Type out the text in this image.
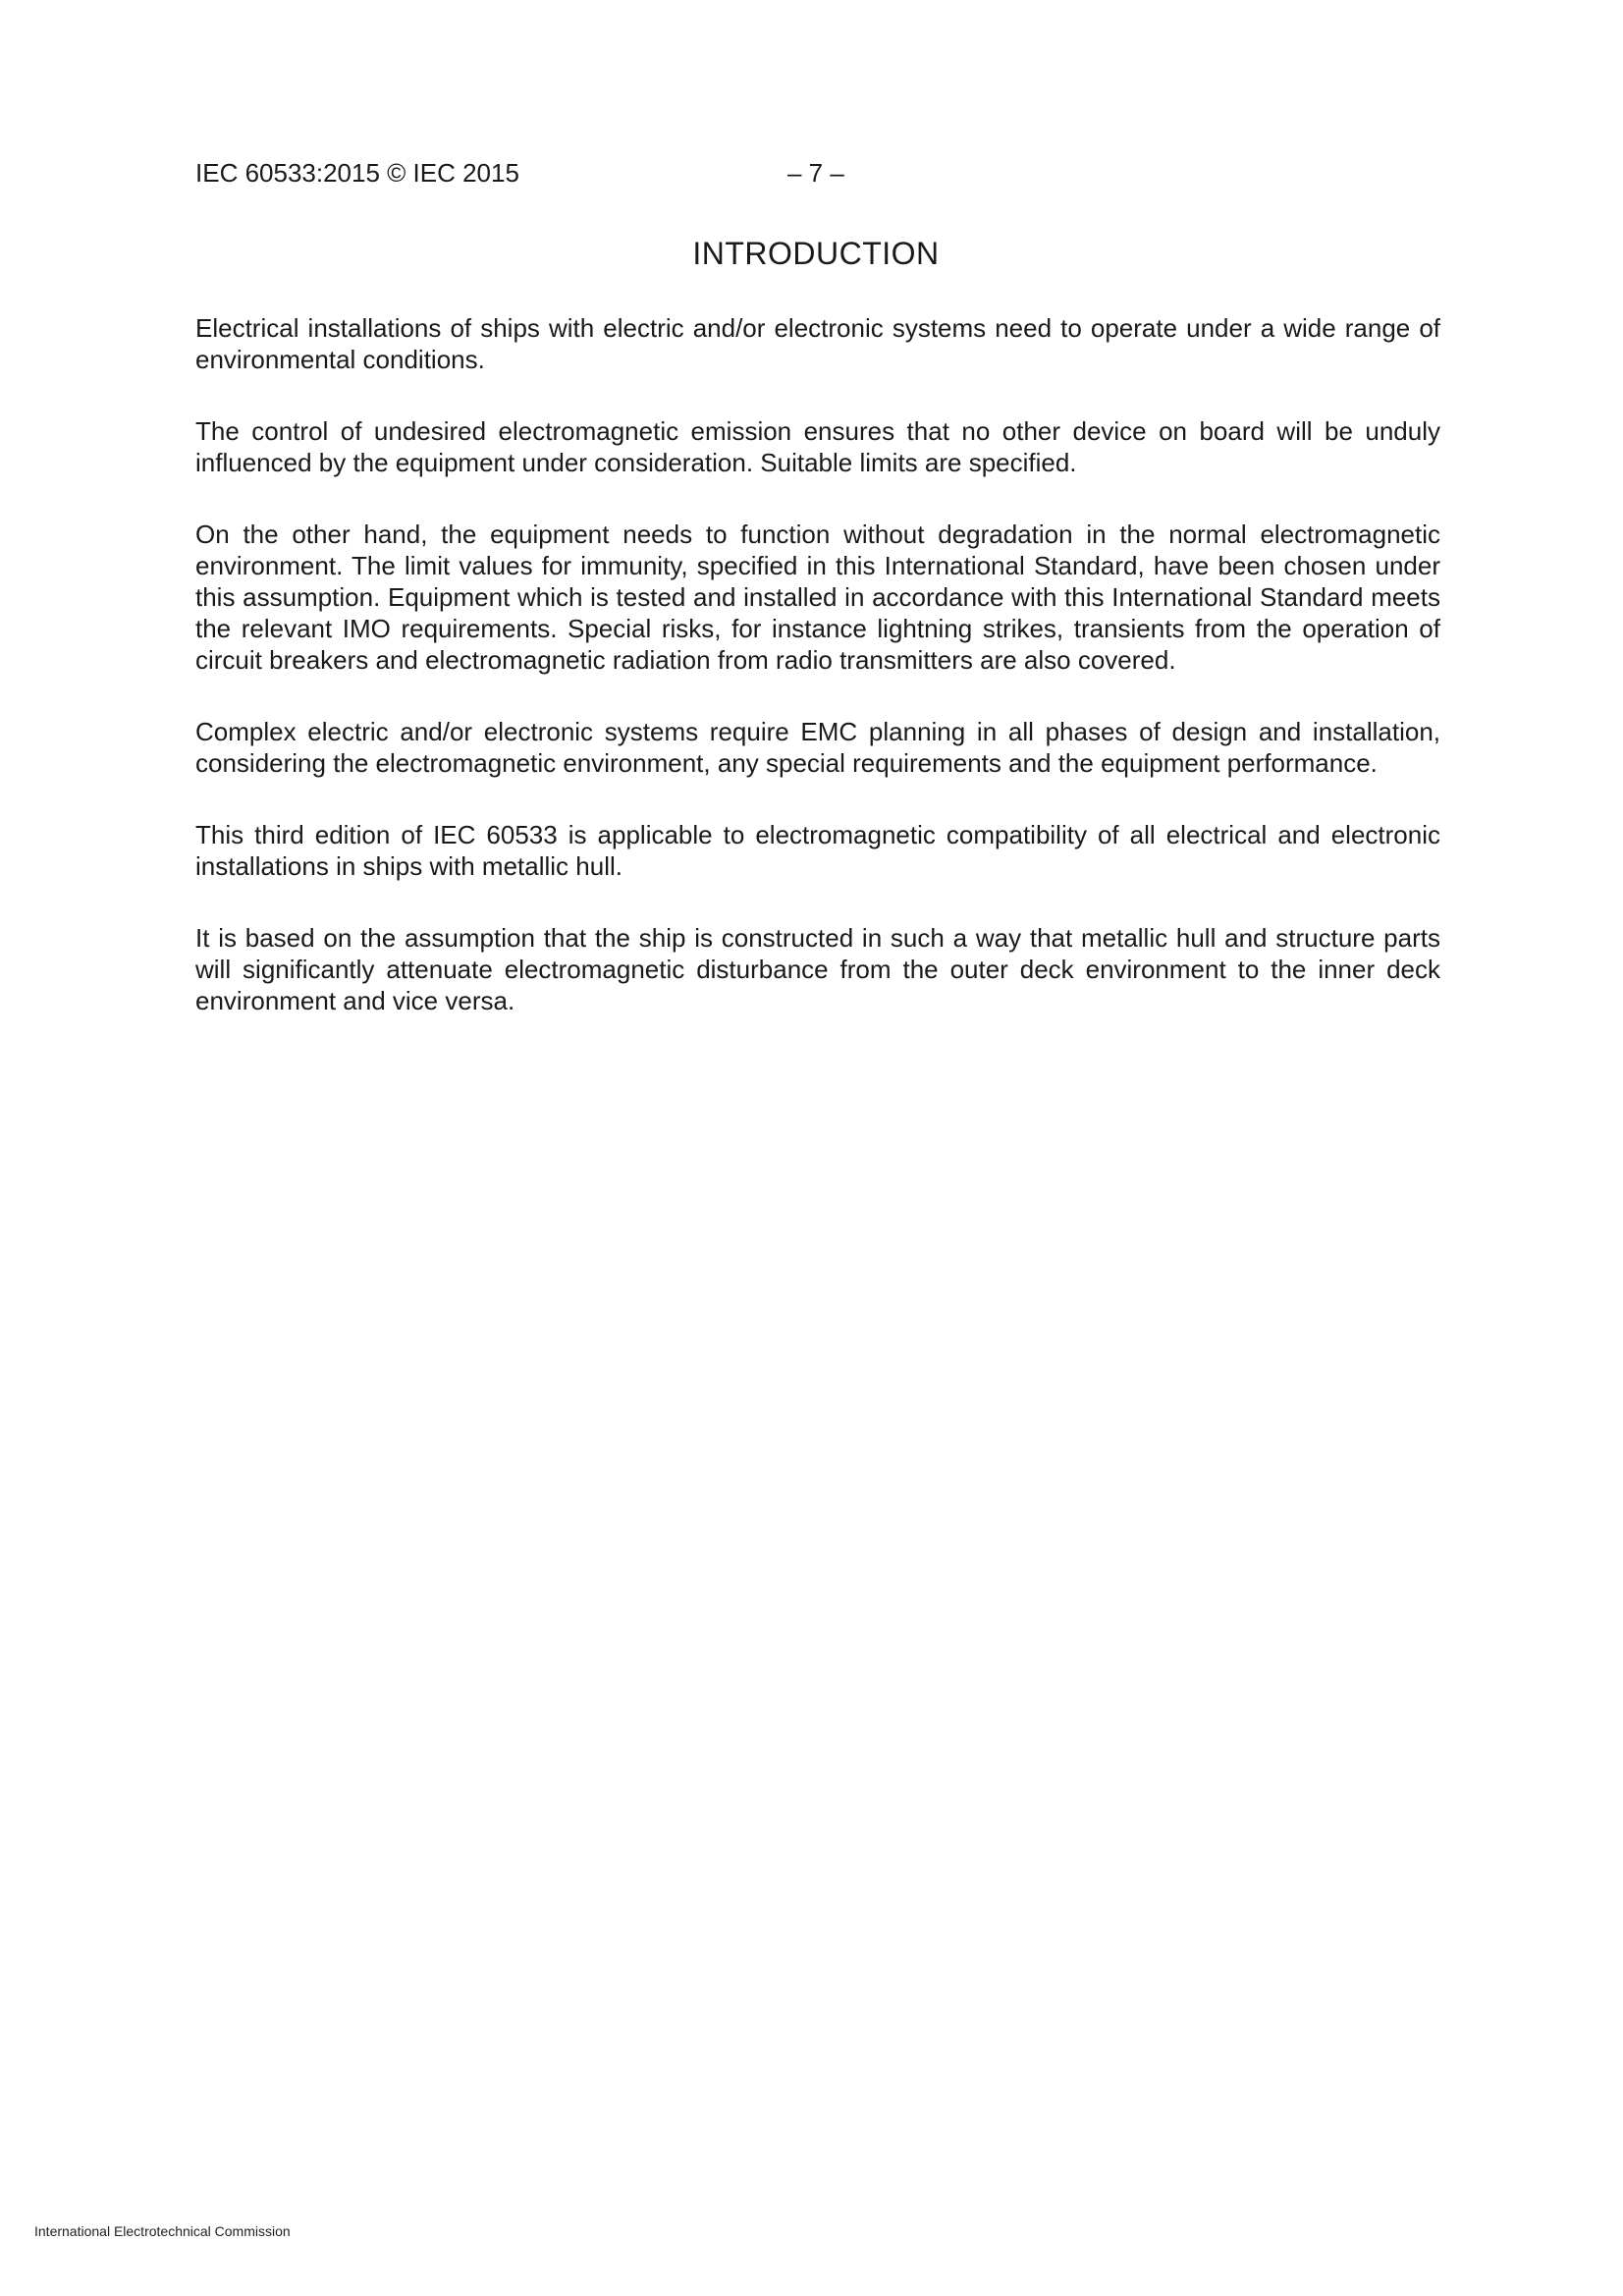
IEC 60533:2015 © IEC 2015	– 7 –
INTRODUCTION

Electrical installations of ships with electric and/or electronic systems need to operate under a wide range of environmental conditions.

The control of undesired electromagnetic emission ensures that no other device on board will be unduly influenced by the equipment under consideration. Suitable limits are specified.

On the other hand, the equipment needs to function without degradation in the normal electromagnetic environment. The limit values for immunity, specified in this International Standard, have been chosen under this assumption. Equipment which is tested and installed in accordance with this International Standard meets the relevant IMO requirements. Special risks, for instance lightning strikes, transients from the operation of circuit breakers and electromagnetic radiation from radio transmitters are also covered.

Complex electric and/or electronic systems require EMC planning in all phases of design and installation, considering the electromagnetic environment, any special requirements and the equipment performance.

This third edition of IEC 60533 is applicable to electromagnetic compatibility of all electrical and electronic installations in ships with metallic hull.

It is based on the assumption that the ship is constructed in such a way that metallic hull and structure parts will significantly attenuate electromagnetic disturbance from the outer deck environment to the inner deck environment and vice versa.

International Electrotechnical Commission
